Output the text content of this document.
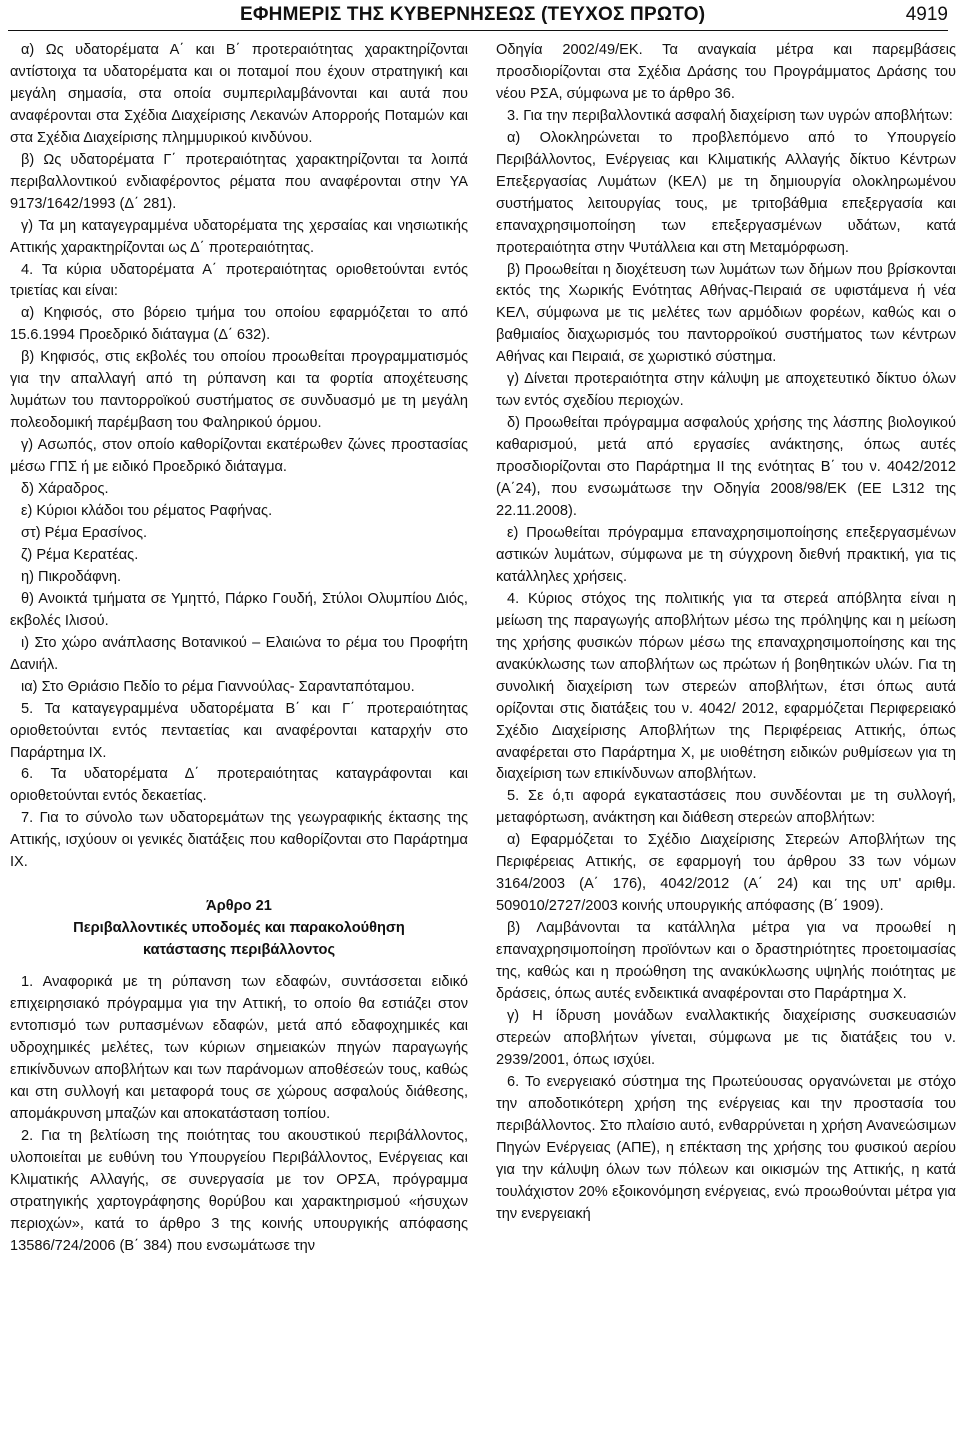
ΕΦΗΜΕΡΙΣ ΤΗΣ ΚΥΒΕΡΝΗΣΕΩΣ (ΤΕΥΧΟΣ ΠΡΩΤΟ)	4919

α) Ως υδατορέματα Α΄ και Β΄ προτεραιότητας χαρακτηρίζονται αντίστοιχα τα υδατορέματα και οι ποταμοί που έχουν στρατηγική και μεγάλη σημασία, στα οποία συμπεριλαμβάνονται και αυτά που αναφέρονται στα Σχέδια Διαχείρισης Λεκανών Απορροής Ποταμών και στα Σχέδια Διαχείρισης πλημμυρικού κινδύνου.

β) Ως υδατορέματα Γ΄ προτεραιότητας χαρακτηρίζονται τα λοιπά περιβαλλοντικού ενδιαφέροντος ρέματα που αναφέρονται στην ΥΑ 9173/1642/1993 (Δ΄ 281).

γ) Τα μη καταγεγραμμένα υδατορέματα της χερσαίας και νησιωτικής Αττικής χαρακτηρίζονται ως Δ΄ προτεραιότητας.

4. Τα κύρια υδατορέματα Α΄ προτεραιότητας οριοθετούνται εντός τριετίας και είναι:

α) Κηφισός, στο βόρειο τμήμα του οποίου εφαρμόζεται το από 15.6.1994 Προεδρικό διάταγμα (Δ΄ 632).

β) Κηφισός, στις εκβολές του οποίου προωθείται προγραμματισμός για την απαλλαγή από τη ρύπανση και τα φορτία αποχέτευσης λυμάτων του παντορροϊκού συστήματος σε συνδυασμό με τη μεγάλη πολεοδομική παρέμβαση του Φαληρικού όρμου.

γ) Ασωπός, στον οποίο καθορίζονται εκατέρωθεν ζώνες προστασίας μέσω ΓΠΣ ή με ειδικό Προεδρικό διάταγμα.

δ) Χάραδρος.

ε) Κύριοι κλάδοι του ρέματος Ραφήνας.

στ) Ρέμα Ερασίνος.

ζ) Ρέμα Κερατέας.

η) Πικροδάφνη.

θ) Ανοικτά τμήματα σε Υμηττό, Πάρκο Γουδή, Στύλοι Ολυμπίου Διός, εκβολές Ιλισού.

ι) Στο χώρο ανάπλασης Βοτανικού – Ελαιώνα το ρέμα του Προφήτη Δανιήλ.

ια) Στο Θριάσιο Πεδίο το ρέμα Γιαννούλας- Σαρανταπόταμου.

5. Τα καταγεγραμμένα υδατορέματα Β΄ και Γ΄ προτεραιότητας οριοθετούνται εντός πενταετίας και αναφέρονται καταρχήν στο Παράρτημα ΙΧ.

6. Τα υδατορέματα Δ΄ προτεραιότητας καταγράφονται και οριοθετούνται εντός δεκαετίας.

7. Για το σύνολο των υδατορεμάτων της γεωγραφικής έκτασης της Αττικής, ισχύουν οι γενικές διατάξεις που καθορίζονται στο Παράρτημα ΙΧ.

Άρθρο 21

Περιβαλλοντικές υποδομές και παρακολούθηση κατάστασης περιβάλλοντος

1. Αναφορικά με τη ρύπανση των εδαφών, συντάσσεται ειδικό επιχειρησιακό πρόγραμμα για την Αττική, το οποίο θα εστιάζει στον εντοπισμό των ρυπασμένων εδαφών, μετά από εδαφοχημικές και υδροχημικές μελέτες, των κύριων σημειακών πηγών παραγωγής επικίνδυνων αποβλήτων και των παράνομων αποθέσεών τους, καθώς και στη συλλογή και μεταφορά τους σε χώρους ασφαλούς διάθεσης, απομάκρυνση μπαζών και αποκατάσταση τοπίου.

2. Για τη βελτίωση της ποιότητας του ακουστικού περιβάλλοντος, υλοποιείται με ευθύνη του Υπουργείου Περιβάλλοντος, Ενέργειας και Κλιματικής Αλλαγής, σε συνεργασία με τον ΟΡΣΑ, πρόγραμμα στρατηγικής χαρτογράφησης θορύβου και χαρακτηρισμού «ήσυχων περιοχών», κατά το άρθρο 3 της κοινής υπουργικής απόφασης 13586/724/2006 (Β΄ 384) που ενσωμάτωσε την

Οδηγία 2002/49/ΕΚ. Τα αναγκαία μέτρα και παρεμβάσεις προσδιορίζονται στα Σχέδια Δράσης του Προγράμματος Δράσης του νέου ΡΣΑ, σύμφωνα με το άρθρο 36.

3. Για την περιβαλλοντικά ασφαλή διαχείριση των υγρών αποβλήτων:

α) Ολοκληρώνεται το προβλεπόμενο από το Υπουργείο Περιβάλλοντος, Ενέργειας και Κλιματικής Αλλαγής δίκτυο Κέντρων Επεξεργασίας Λυμάτων (ΚΕΛ) με τη δημιουργία ολοκληρωμένου συστήματος λειτουργίας τους, με τριτοβάθμια επεξεργασία και επαναχρησιμοποίηση των επεξεργασμένων υδάτων, κατά προτεραιότητα στην Ψυτάλλεια και στη Μεταμόρφωση.

β) Προωθείται η διοχέτευση των λυμάτων των δήμων που βρίσκονται εκτός της Χωρικής Ενότητας Αθήνας-Πειραιά σε υφιστάμενα ή νέα ΚΕΛ, σύμφωνα με τις μελέτες των αρμόδιων φορέων, καθώς και ο βαθμιαίος διαχωρισμός του παντορροϊκού συστήματος των κέντρων Αθήνας και Πειραιά, σε χωριστικό σύστημα.

γ) Δίνεται προτεραιότητα στην κάλυψη με αποχετευτικό δίκτυο όλων των εντός σχεδίου περιοχών.

δ) Προωθείται πρόγραμμα ασφαλούς χρήσης της λάσπης βιολογικού καθαρισμού, μετά από εργασίες ανάκτησης, όπως αυτές προσδιορίζονται στο Παράρτημα ΙΙ της ενότητας Β΄ του ν. 4042/2012 (Α΄24), που ενσωμάτωσε την Οδηγία 2008/98/ΕΚ (ΕΕ L312 της 22.11.2008).

ε) Προωθείται πρόγραμμα επαναχρησιμοποίησης επεξεργασμένων αστικών λυμάτων, σύμφωνα με τη σύγχρονη διεθνή πρακτική, για τις κατάλληλες χρήσεις.

4. Κύριος στόχος της πολιτικής για τα στερεά απόβλητα είναι η μείωση της παραγωγής αποβλήτων μέσω της πρόληψης και η μείωση της χρήσης φυσικών πόρων μέσω της επαναχρησιμοποίησης και της ανακύκλωσης των αποβλήτων ως πρώτων ή βοηθητικών υλών. Για τη συνολική διαχείριση των στερεών αποβλήτων, έτσι όπως αυτά ορίζονται στις διατάξεις του ν. 4042/ 2012, εφαρμόζεται Περιφερειακό Σχέδιο Διαχείρισης Αποβλήτων της Περιφέρειας Αττικής, όπως αναφέρεται στο Παράρτημα Χ, με υιοθέτηση ειδικών ρυθμίσεων για τη διαχείριση των επικίνδυνων αποβλήτων.

5. Σε ό,τι αφορά εγκαταστάσεις που συνδέονται με τη συλλογή, μεταφόρτωση, ανάκτηση και διάθεση στερεών αποβλήτων:

α) Εφαρμόζεται το Σχέδιο Διαχείρισης Στερεών Αποβλήτων της Περιφέρειας Αττικής, σε εφαρμογή του άρθρου 33 των νόμων 3164/2003 (Α΄ 176), 4042/2012 (Α΄ 24) και της υπ' αριθμ. 509010/2727/2003 κοινής υπουργικής απόφασης (Β΄ 1909).

β) Λαμβάνονται τα κατάλληλα μέτρα για να προωθεί η επαναχρησιμοποίηση προϊόντων και ο δραστηριότητες προετοιμασίας της, καθώς και η προώθηση της ανακύκλωσης υψηλής ποιότητας με δράσεις, όπως αυτές ενδεικτικά αναφέρονται στο Παράρτημα Χ.

γ) Η ίδρυση μονάδων εναλλακτικής διαχείρισης συσκευασιών στερεών αποβλήτων γίνεται, σύμφωνα με τις διατάξεις του ν. 2939/2001, όπως ισχύει.

6. Το ενεργειακό σύστημα της Πρωτεύουσας οργανώνεται με στόχο την αποδοτικότερη χρήση της ενέργειας και την προστασία του περιβάλλοντος. Στο πλαίσιο αυτό, ενθαρρύνεται η χρήση Ανανεώσιμων Πηγών Ενέργειας (ΑΠΕ), η επέκταση της χρήσης του φυσικού αερίου για την κάλυψη όλων των πόλεων και οικισμών της Αττικής, η κατά τουλάχιστον 20% εξοικονόμηση ενέργειας, ενώ προωθούνται μέτρα για την ενεργειακή
